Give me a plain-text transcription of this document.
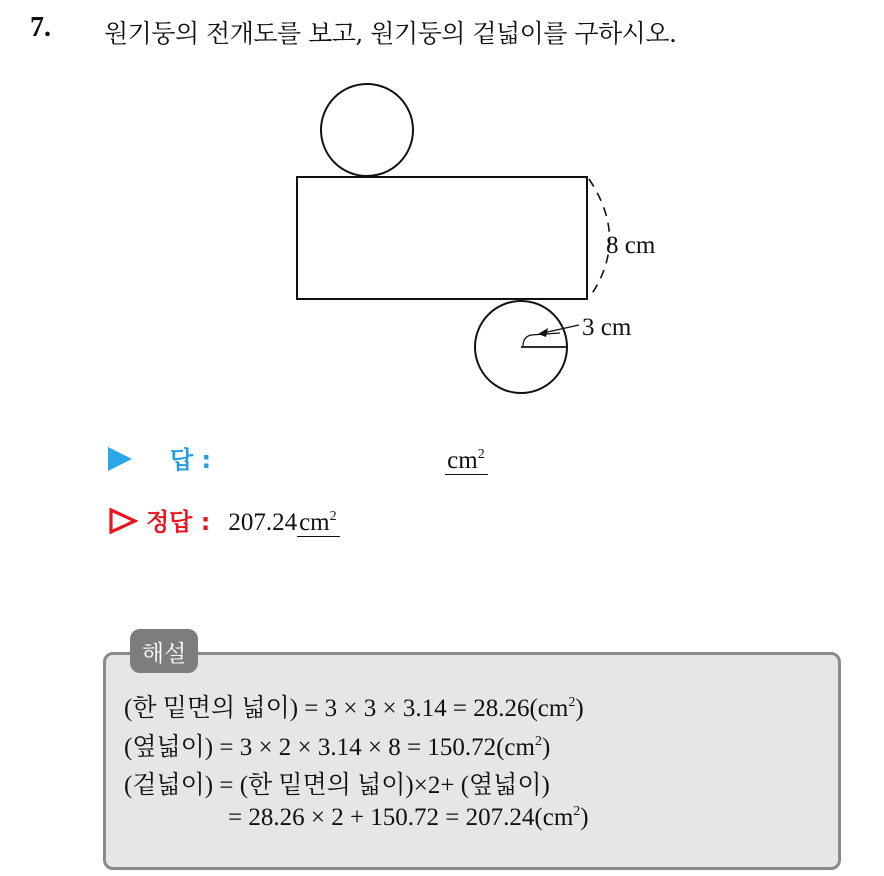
7. 원기둥의 전개도를 보고, 원기둥의 겉넓이를 구하시오.
8 cm
3 cm
답 :	$cm^2$
정답 : 207.24 $cm^2$
해설
(한 밑면의 넓이) = $3 \times 3 \times 3.14 = 28.26(cm^2)$
(옆넓이) = $3 \times 2 \times 3.14 \times 8 = 150.72(cm^2)$
(겉넓이) = (한 밑면의 넓이)×2+ (옆넓이)
= $28.26 \times 2 + 150.72 = 207.24(cm^2)$
